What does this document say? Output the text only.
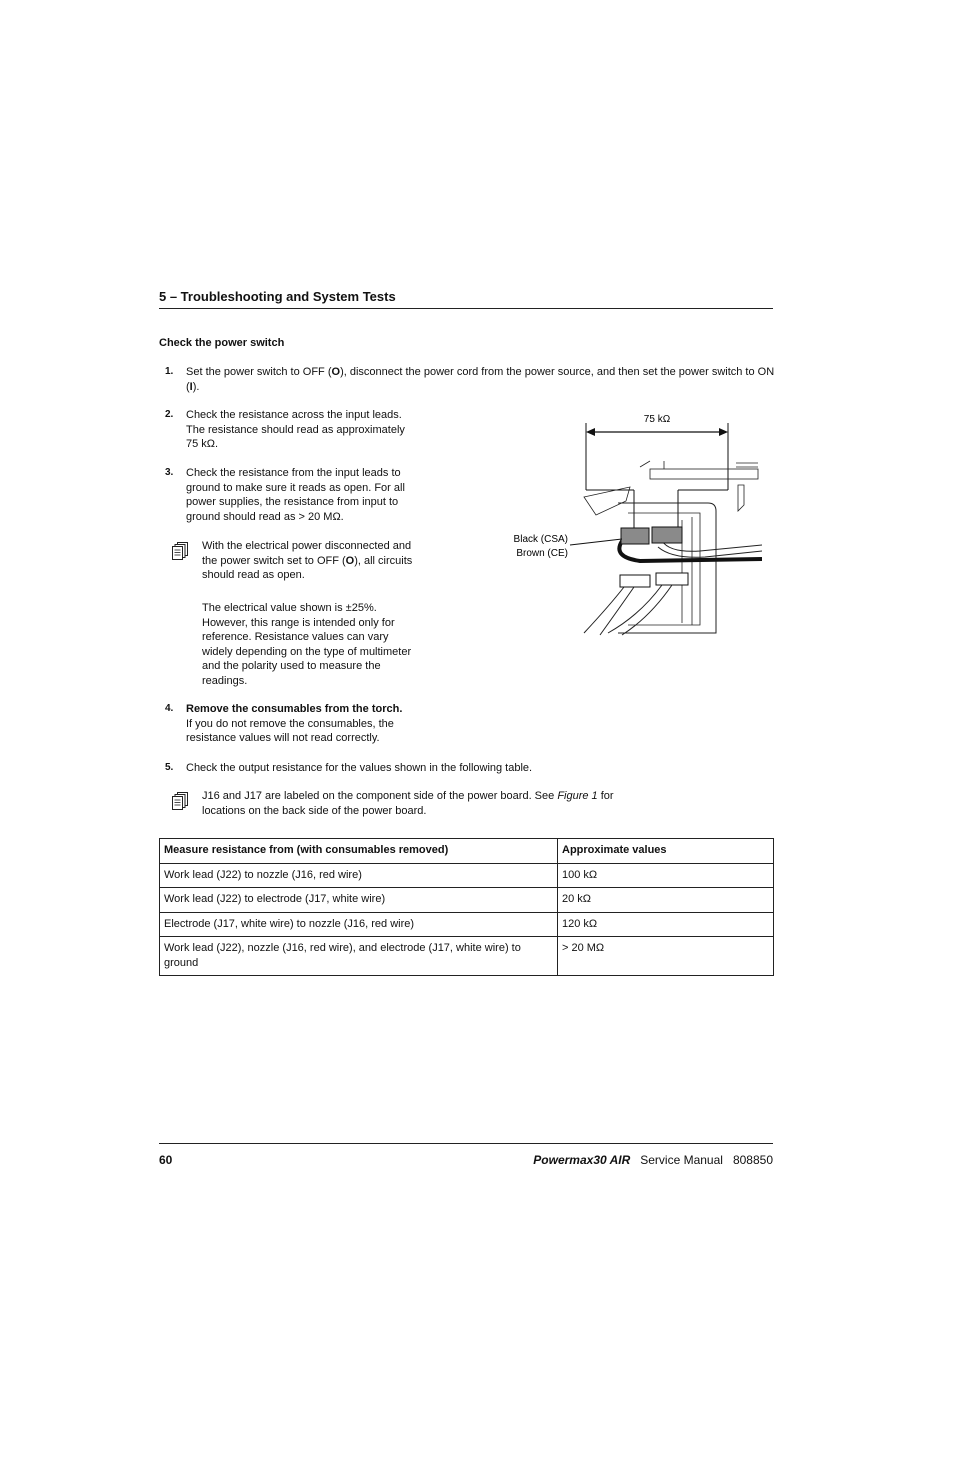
5 – Troubleshooting and System Tests
Check the power switch
1. Set the power switch to OFF (O), disconnect the power cord from the power source, and then set the power switch to ON (I).
2. Check the resistance across the input leads. The resistance should read as approximately 75 kΩ.
3. Check the resistance from the input leads to ground to make sure it reads as open. For all power supplies, the resistance from input to ground should read as > 20 MΩ.
With the electrical power disconnected and the power switch set to OFF (O), all circuits should read as open.
The electrical value shown is ±25%. However, this range is intended only for reference. Resistance values can vary widely depending on the type of multimeter and the polarity used to measure the readings.
4. Remove the consumables from the torch.
If you do not remove the consumables, the resistance values will not read correctly.
5. Check the output resistance for the values shown in the following table.
J16 and J17 are labeled on the component side of the power board. See Figure 1 for locations on the back side of the power board.
75 kΩ
Black (CSA)
Brown (CE)
Measure resistance from (with consumables removed)	Approximate values
Work lead (J22) to nozzle (J16, red wire)	100 kΩ
Work lead (J22) to electrode (J17, white wire)	20 kΩ
Electrode (J17, white wire) to nozzle (J16, red wire)	120 kΩ
Work lead (J22), nozzle (J16, red wire), and electrode (J17, white wire) to ground	> 20 MΩ
60	Powermax30 AIR Service Manual 808850
